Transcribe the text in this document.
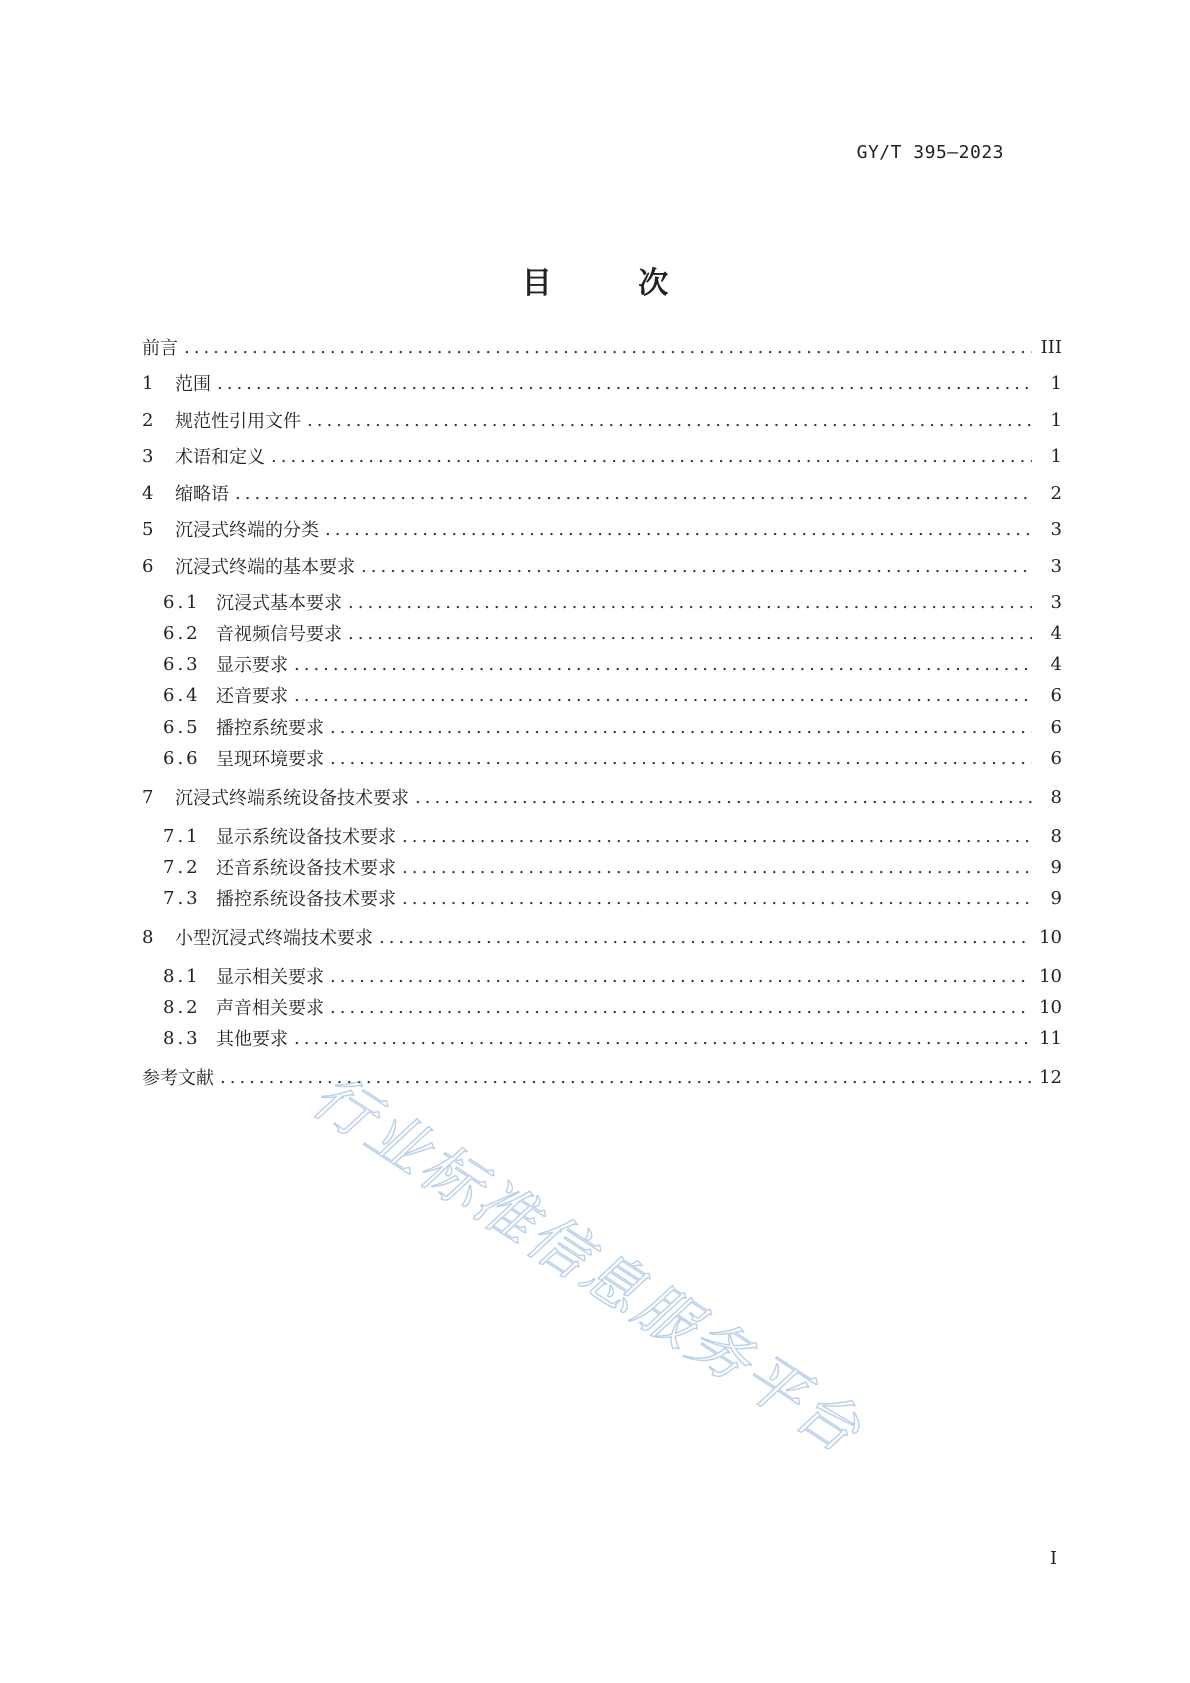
GY/T 395—2023
目 次
前言 .....	III
1	范围 .....	1
2	规范性引用文件 .....	1
3	术语和定义 .....	1
4	缩略语 .....	2
5	沉浸式终端的分类 .....	3
6	沉浸式终端的基本要求 .....	3
6.1 沉浸式基本要求 .....	3
6.2 音视频信号要求 .....	4
6.3 显示要求 .....	4
6.4 还音要求 .....	6
6.5 播控系统要求 .....	6
6.6 呈现环境要求 .....	6
7	沉浸式终端系统设备技术要求 .....	8
7.1 显示系统设备技术要求 .....	8
7.2 还音系统设备技术要求 .....	9
7.3 播控系统设备技术要求 .....	9
8	小型沉浸式终端技术要求 .....	10
8.1 显示相关要求 .....	10
8.2 声音相关要求 .....	10
8.3 其他要求 .....	11
参考文献 .....	12
行业标准信息服务平台
I
